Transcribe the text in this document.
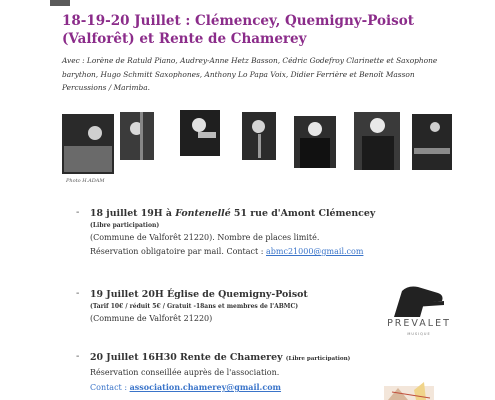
18-19-20 Juillet : Clémencey, Quemigny-Poisot (Valforêt) et Rente de Chamerey
Avec : Lorène de Ratuld Piano, Audrey-Anne Hetz Basson, Cédric Godefroy Clarinette et Saxophone barython, Hugo Schmitt Saxophones, Anthony Lo Papa Voix, Didier Ferrière et Benoît Masson Percussions / Marimba.
Photo H.ADAM
- 18 juillet 19H à Fontenellé 51 rue d'Amont Clémencey
(Libre participation)
(Commune de Valforêt 21220). Nombre de places limité.
Réservation obligatoire par mail. Contact : abmc21000@gmail.com
- 19 Juillet 20H Église de Quemigny-Poisot
(Tarif 10€ / réduit 5€ / Gratuit -18ans et membres de l'ABMC)
(Commune de Valforêt 21220)
- 20 Juillet 16H30 Rente de Chamerey (Libre participation)
Réservation conseillée auprès de l'association.
Contact : association.chamerey@gmail.com
PREVALET
MUSIQUE
